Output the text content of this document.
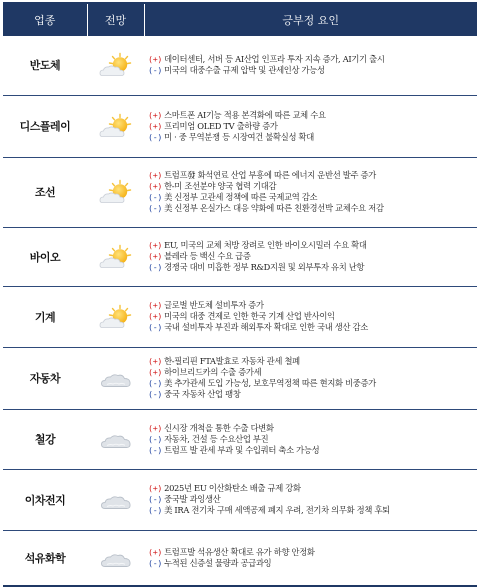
업종	전망	긍부정 요인
반도체		(+) 데이터센터, 서버 등 AI산업 인프라 투자 지속 증가, AI기기 출시
(-) 미국의 대중수출 규제 압박 및 관세인상 가능성

디스플레이		(+) 스마트폰 AI기능 적용 본격화에 따른 교체 수요
(+) 프리미엄 OLED TV 출하량 증가
(-) 미 · 중 무역분쟁 등 시장여건 불확실성 확대

조선		(+) 트럼프發 화석연료 산업 부흥에 따른 에너지 운반선 발주 증가
(+) 한-미 조선분야 양국 협력 기대감
(-) 美 신정부 고관세 정책에 따른 국제교역 감소
(-) 美 신정부 온실가스 대응 약화에 따른 친환경선박 교체수요 저감

바이오		(+) EU, 미국의 교체 처방 장려로 인한 바이오시밀러 수요 확대
(+) 블레라 등 백신 수요 급증
(-) 경쟁국 대비 미흡한 정부 R&D지원 및 외부투자 유치 난항

기계		(+) 글로벌 반도체 설비투자 증가
(+) 미국의 대중 견제로 인한 한국 기계 산업 반사이익
(-) 국내 설비투자 부진과 해외투자 확대로 인한 국내 생산 감소

자동차		(+) 한-필리핀 FTA발효로 자동차 관세 철폐
(+) 하이브리드카의 수출 증가세
(-) 美 추가관세 도입 가능성, 보호무역정책 따른 현지화 비중증가
(-) 중국 자동차 산업 팽창

철강		(+) 신시장 개척을 통한 수출 다변화
(-) 자동차, 건설 등 수요산업 부진
(-) 트럼프 발 관세 부과 및 수입쿼터 축소 가능성

이차전지		(+) 2025년 EU 이산화탄소 배출 규제 강화
(-) 중국발 과잉생산
(-) 美 IRA 전기차 구매 세액공제 폐지 우려, 전기차 의무화 정책 후퇴

석유화학		(+) 트럼프발 석유생산 확대로 유가 하향 안정화
(-) 누적된 신증설 물량과 공급과잉
